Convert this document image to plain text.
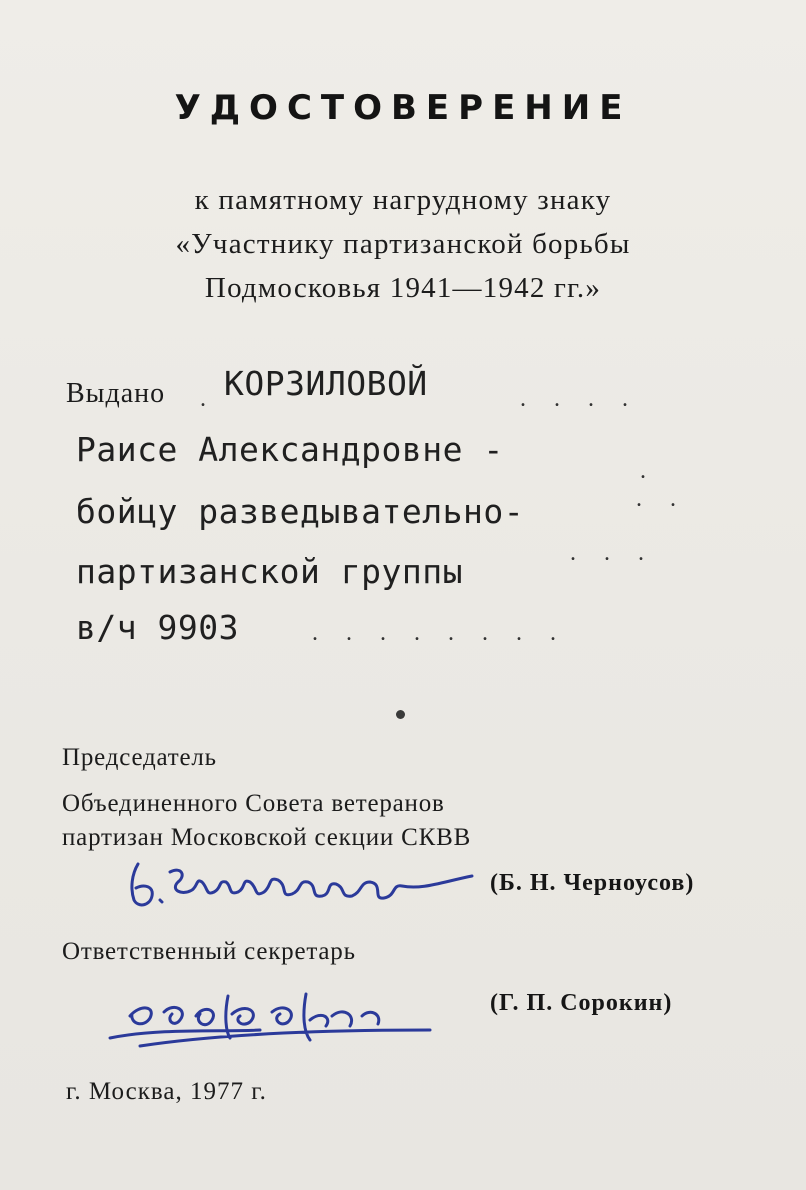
УДОСТОВЕРЕНИЕ
к памятному нагрудному знаку
«Участнику партизанской борьбы
Подмосковья 1941—1942 гг.»
Выдано .
КОРЗИЛОВОЙ	....
Раисе Александровне -
.
бойцу разведывательно-	..
партизанской группы	...
в/ч 9903	........
Председатель
Объединенного Совета ветеранов
партизан Московской секции СКВВ
(Б. Н. Черноусов)
Ответственный секретарь
(Г. П. Сорокин)
г. Москва, 1977 г.
